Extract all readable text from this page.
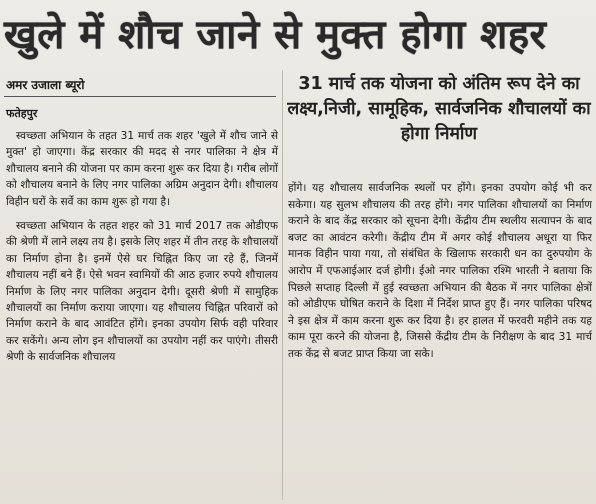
खुले में शौच जाने से मुक्त होगा शहर

अमर उजाला ब्यूरो

फतेहपुर

स्वच्छता अभियान के तहत 31 मार्च तक शहर 'खुले में शौच जाने से मुक्त' हो जाएगा। केंद्र सरकार की मदद से नगर पालिका ने क्षेत्र में शौचालय बनाने की योजना पर काम करना शुरू कर दिया है। गरीब लोगों को शौचालय बनाने के लिए नगर पालिका अग्रिम अनुदान देगी। शौचालय विहीन घरों के सर्वे का काम शुरू हो गया है।

स्वच्छता अभियान के तहत शहर को 31 मार्च 2017 तक ओडीएफ की श्रेणी में लाने लक्ष्य तय है। इसके लिए शहर में तीन तरह के शौचालयों का निर्माण होना है। इनमें ऐसे घर चिह्नित किए जा रहे हैं, जिनमें शौचालय नहीं बने हैं। ऐसे भवन स्वामियों की आठ हजार रुपये शौचालय निर्माण के लिए नगर पालिका अनुदान देगी। दूसरी श्रेणी में सामुहिक शौचालयों का निर्माण कराया जाएगा। यह शौचालय चिह्नित परिवारों को निर्माण कराने के बाद आवंटित होंगे। इनका उपयोग सिर्फ वही परिवार कर सकेंगे। अन्य लोग इन शौचालयों का उपयोग नहीं कर पाएंगे। तीसरी श्रेणी के सार्वजनिक शौचालय

31 मार्च तक योजना को अंतिम रूप देने का लक्ष्य,निजी, सामूहिक, सार्वजनिक शौचालयों का होगा निर्माण

होंगे। यह शौचालय सार्वजनिक स्थलों पर होंगे। इनका उपयोग कोई भी कर सकेगा। यह सुलभ शौचालय की तरह होंगे। नगर पालिका शौचालयों का निर्माण कराने के बाद केंद्र सरकार को सूचना देगी। केंद्रीय टीम स्थलीय सत्यापन के बाद बजट का आवंटन करेगी। केंद्रीय टीम में अगर कोई शौचालय अधूरा या फिर मानक विहीन पाया गया, तो संबंधित के खिलाफ सरकारी धन का दुरुपयोग के आरोप में एफआईआर दर्ज होगी। ईओ नगर पालिका रश्मि भारती ने बताया कि पिछले सप्ताह दिल्ली में हुई स्वच्छता अभियान की बैठक में नगर पालिका क्षेत्रों को ओडीएफ घोषित कराने के दिशा में निर्देश प्राप्त हुए हैं। नगर पालिका परिषद ने इस क्षेत्र में काम करना शुरू कर दिया है। हर हालत में फरवरी महीने तक यह काम पूरा करने की योजना है, जिससे केंद्रीय टीम के निरीक्षण के बाद 31 मार्च तक केंद्र से बजट प्राप्त किया जा सके।
